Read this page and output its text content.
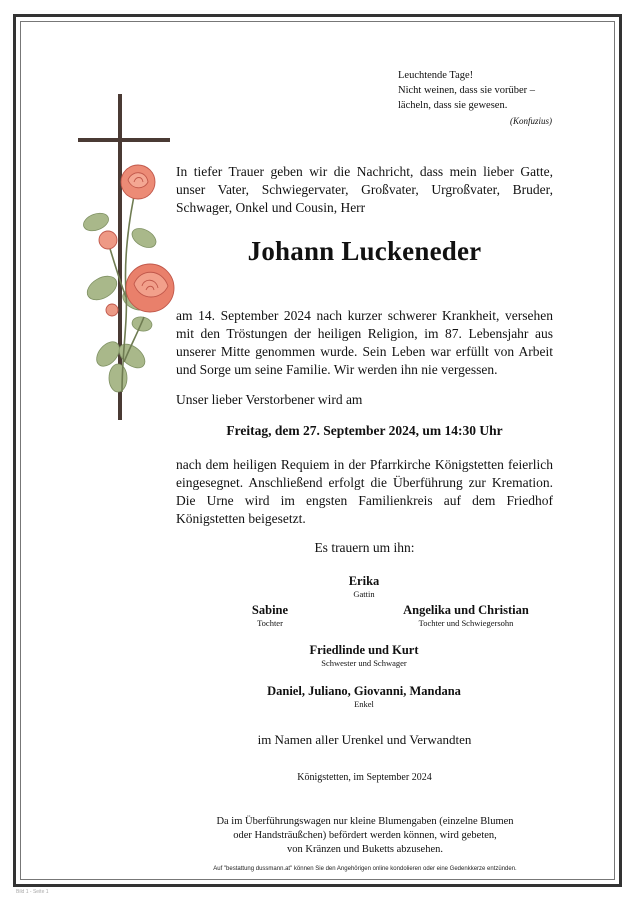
Leuchtende Tage!
Nicht weinen, dass sie vorüber –
lächeln, dass sie gewesen.
(Konfuzius)
In tiefer Trauer geben wir die Nachricht, dass mein lieber Gatte, unser Vater, Schwiegervater, Großvater, Urgroßvater, Bruder, Schwager, Onkel und Cousin, Herr
Johann Luckeneder
am 14. September 2024 nach kurzer schwerer Krankheit, versehen mit den Tröstungen der heiligen Religion, im 87. Lebensjahr aus unserer Mitte genommen wurde. Sein Leben war erfüllt von Arbeit und Sorge um seine Familie. Wir werden ihn nie vergessen.
Unser lieber Verstorbener wird am
Freitag, dem 27. September 2024, um 14:30 Uhr
nach dem heiligen Requiem in der Pfarrkirche Königstetten feierlich eingesegnet. Anschließend erfolgt die Überführung zur Kremation. Die Urne wird im engsten Familienkreis auf dem Friedhof Königstetten beigesetzt.
Es trauern um ihn:
Erika
Gattin
Sabine
Tochter
Angelika und Christian
Tochter und Schwiegersohn
Friedlinde und Kurt
Schwester und Schwager
Daniel, Juliano, Giovanni, Mandana
Enkel
im Namen aller Urenkel und Verwandten
Königstetten, im September 2024
Da im Überführungswagen nur kleine Blumengaben (einzelne Blumen
oder Handsträußchen) befördert werden können, wird gebeten,
von Kränzen und Buketts abzusehen.
Auf "bestattung dussmann.at" können Sie den Angehörigen online kondolieren oder eine Gedenkkerze entzünden.
Bild 1 - Seite 1
